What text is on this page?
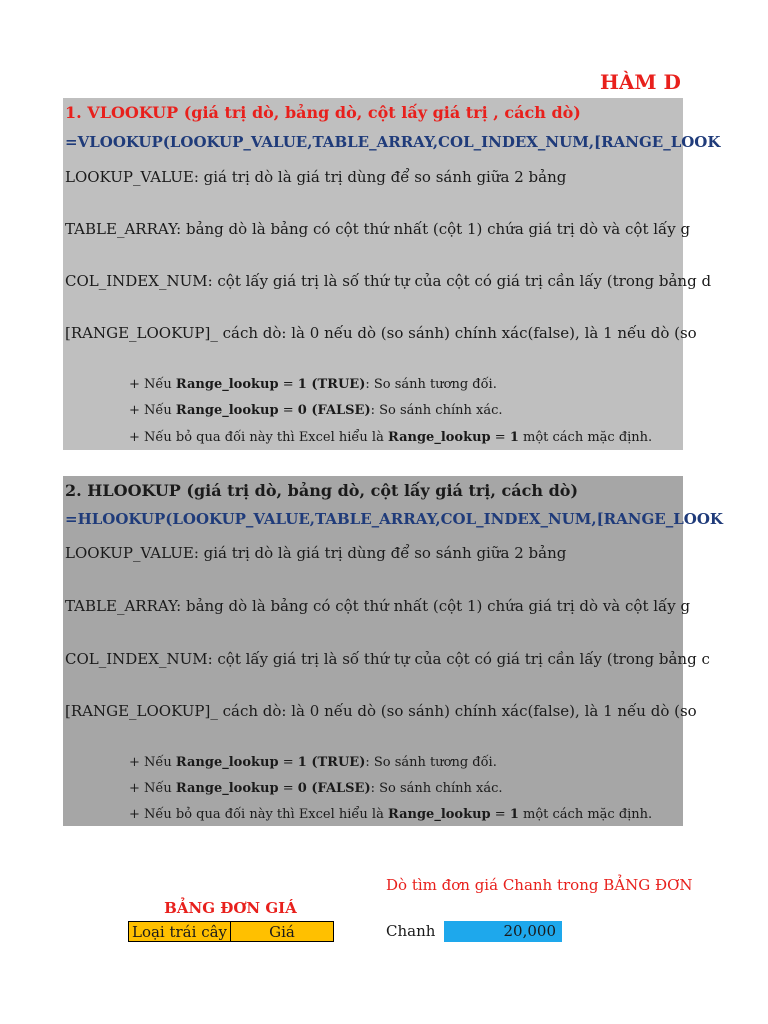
HÀM D
1. VLOOKUP (giá trị dò, bảng dò, cột lấy giá trị , cách dò)
=VLOOKUP(LOOKUP_VALUE,TABLE_ARRAY,COL_INDEX_NUM,[RANGE_LOOK
LOOKUP_VALUE: giá trị dò là giá trị dùng để so sánh giữa 2 bảng
TABLE_ARRAY: bảng dò là bảng có cột thứ nhất (cột 1) chứa giá trị dò và cột lấy g
COL_INDEX_NUM: cột lấy giá trị là số thứ tự của cột có giá trị cần lấy (trong bảng d
[RANGE_LOOKUP]_ cách dò: là 0 nếu dò (so sánh) chính xác(false), là 1 nếu dò (so
+ Nếu Range_lookup = 1 (TRUE): So sánh tương đối.
+ Nếu Range_lookup = 0 (FALSE): So sánh chính xác.
+ Nếu bỏ qua đối này thì Excel hiểu là Range_lookup = 1 một cách mặc định.
2. HLOOKUP (giá trị dò, bảng dò, cột lấy giá trị, cách dò)
=HLOOKUP(LOOKUP_VALUE,TABLE_ARRAY,COL_INDEX_NUM,[RANGE_LOOK
LOOKUP_VALUE: giá trị dò là giá trị dùng để so sánh giữa 2 bảng
TABLE_ARRAY: bảng dò là bảng có cột thứ nhất (cột 1) chứa giá trị dò và cột lấy g
COL_INDEX_NUM: cột lấy giá trị là số thứ tự của cột có giá trị cần lấy (trong bảng c
[RANGE_LOOKUP]_ cách dò: là 0 nếu dò (so sánh) chính xác(false), là 1 nếu dò (so
+ Nếu Range_lookup = 1 (TRUE): So sánh tương đối.
+ Nếu Range_lookup = 0 (FALSE): So sánh chính xác.
+ Nếu bỏ qua đối này thì Excel hiểu là Range_lookup = 1 một cách mặc định.
Dò tìm đơn giá Chanh trong BẢNG ĐƠN
BẢNG ĐƠN GIÁ
Loại trái cây	Giá	Chanh	20,000
